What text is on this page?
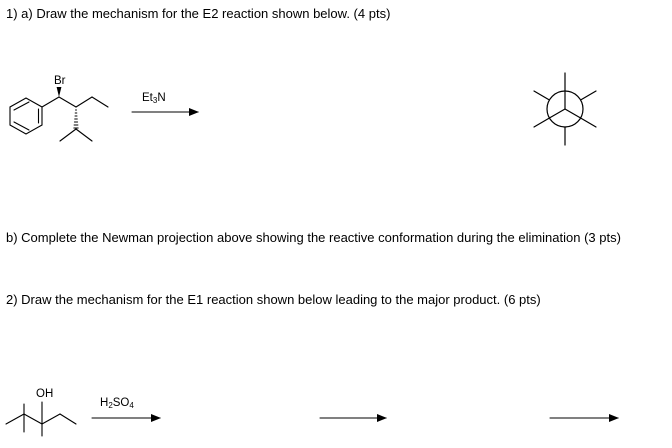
1) a) Draw the mechanism for the E2 reaction shown below. (4 pts)
b) Complete the Newman projection above showing the reactive conformation during the elimination (3 pts)
2) Draw the mechanism for the E1 reaction shown below leading to the major product. (6 pts)
Br
$Et_3N$
OH
$H_2SO_4$
